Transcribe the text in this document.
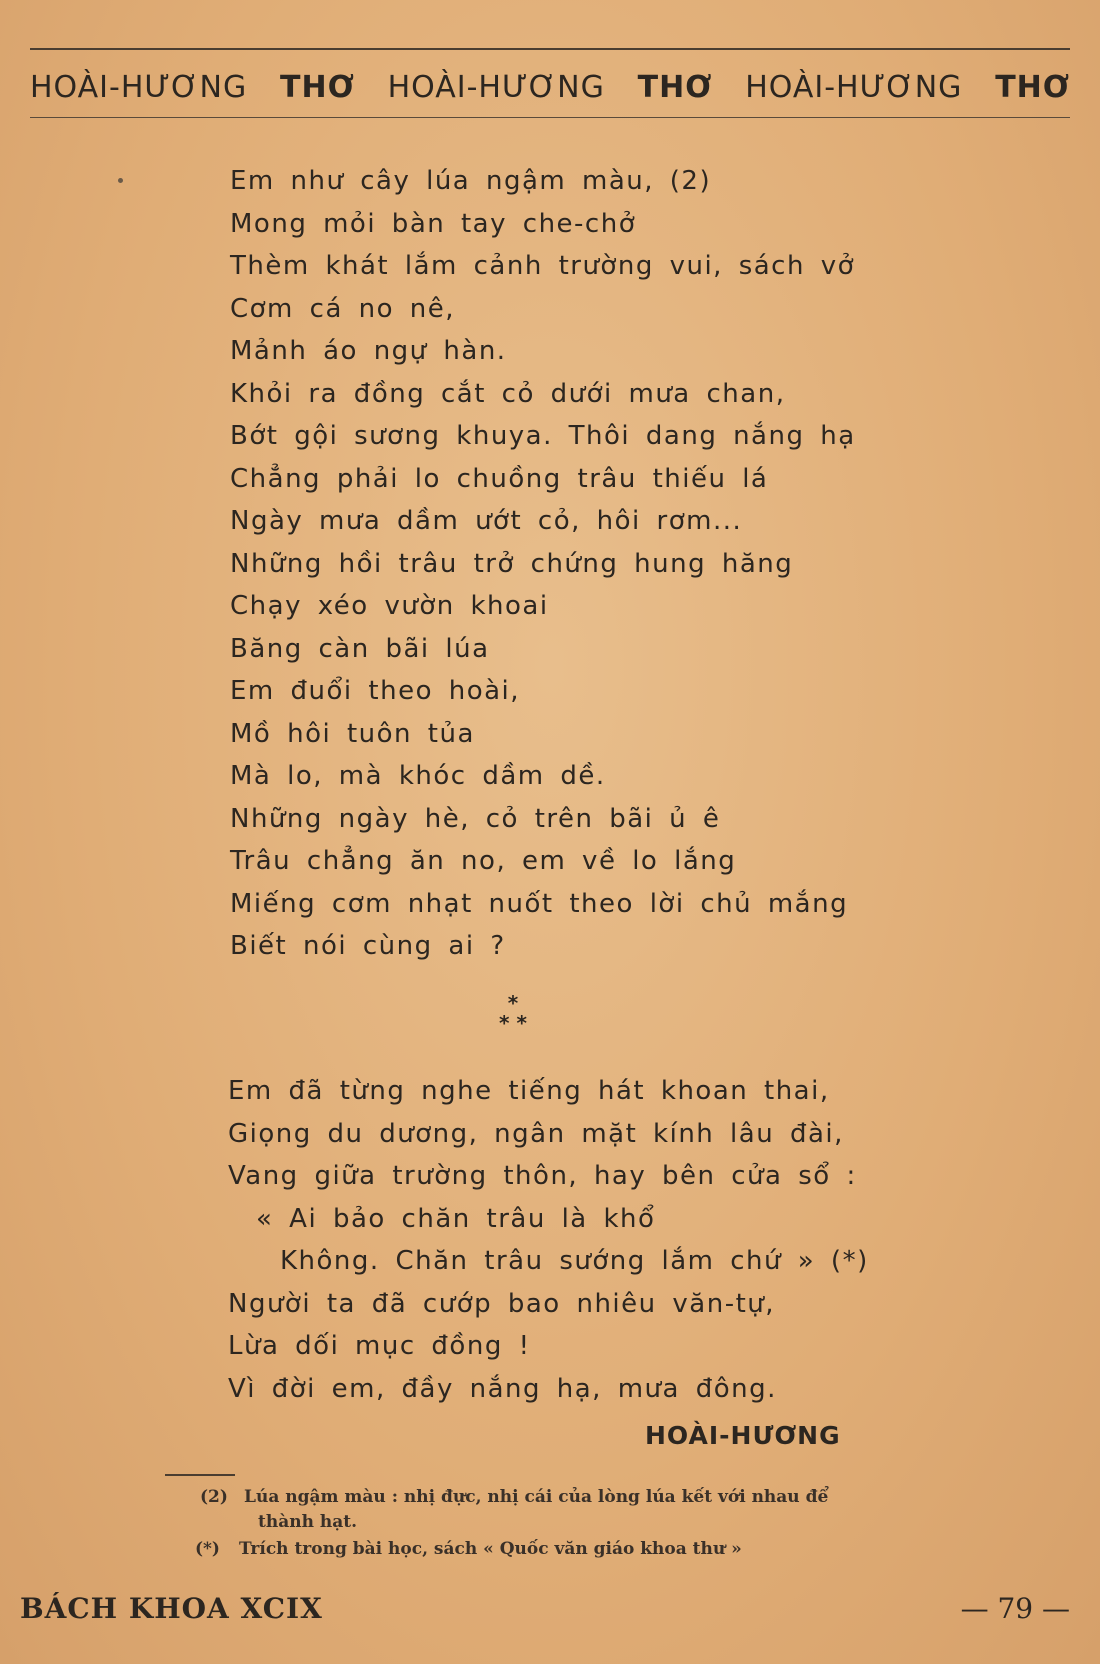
HOÀI-HƯƠNG THƠ HOÀI-HƯƠNG THƠ HOÀI-HƯƠNG THƠ
Em như cây lúa ngậm màu, (2)
Mong mỏi bàn tay che-chở
Thèm khát lắm cảnh trường vui, sách vở
Cơm cá no nê,
Mảnh áo ngự hàn.
Khỏi ra đồng cắt cỏ dưới mưa chan,
Bớt gội sương khuya. Thôi dang nắng hạ
Chẳng phải lo chuồng trâu thiếu lá
Ngày mưa dầm ướt cỏ, hôi rơm...
Những hồi trâu trở chứng hung hăng
Chạy xéo vườn khoai
Băng càn bãi lúa
Em đuổi theo hoài,
Mồ hôi tuôn tủa
Mà lo, mà khóc dầm dề.
Những ngày hè, cỏ trên bãi ủ ê
Trâu chẳng ăn no, em về lo lắng
Miếng cơm nhạt nuốt theo lời chủ mắng
Biết nói cùng ai ?
*
* *
Em đã từng nghe tiếng hát khoan thai,
Giọng du dương, ngân mặt kính lâu đài,
Vang giữa trường thôn, hay bên cửa sổ :
« Ai bảo chăn trâu là khổ
Không. Chăn trâu sướng lắm chứ » (*)
Người ta đã cướp bao nhiêu văn-tự,
Lừa dối mục đồng !
Vì đời em, đầy nắng hạ, mưa đông.
HOÀI-HƯƠNG
(2) Lúa ngậm màu : nhị đực, nhị cái của lòng lúa kết với nhau để
thành hạt.
(*) Trích trong bài học, sách « Quốc văn giáo khoa thư »
BÁCH KHOA XCIX	— 79 —
